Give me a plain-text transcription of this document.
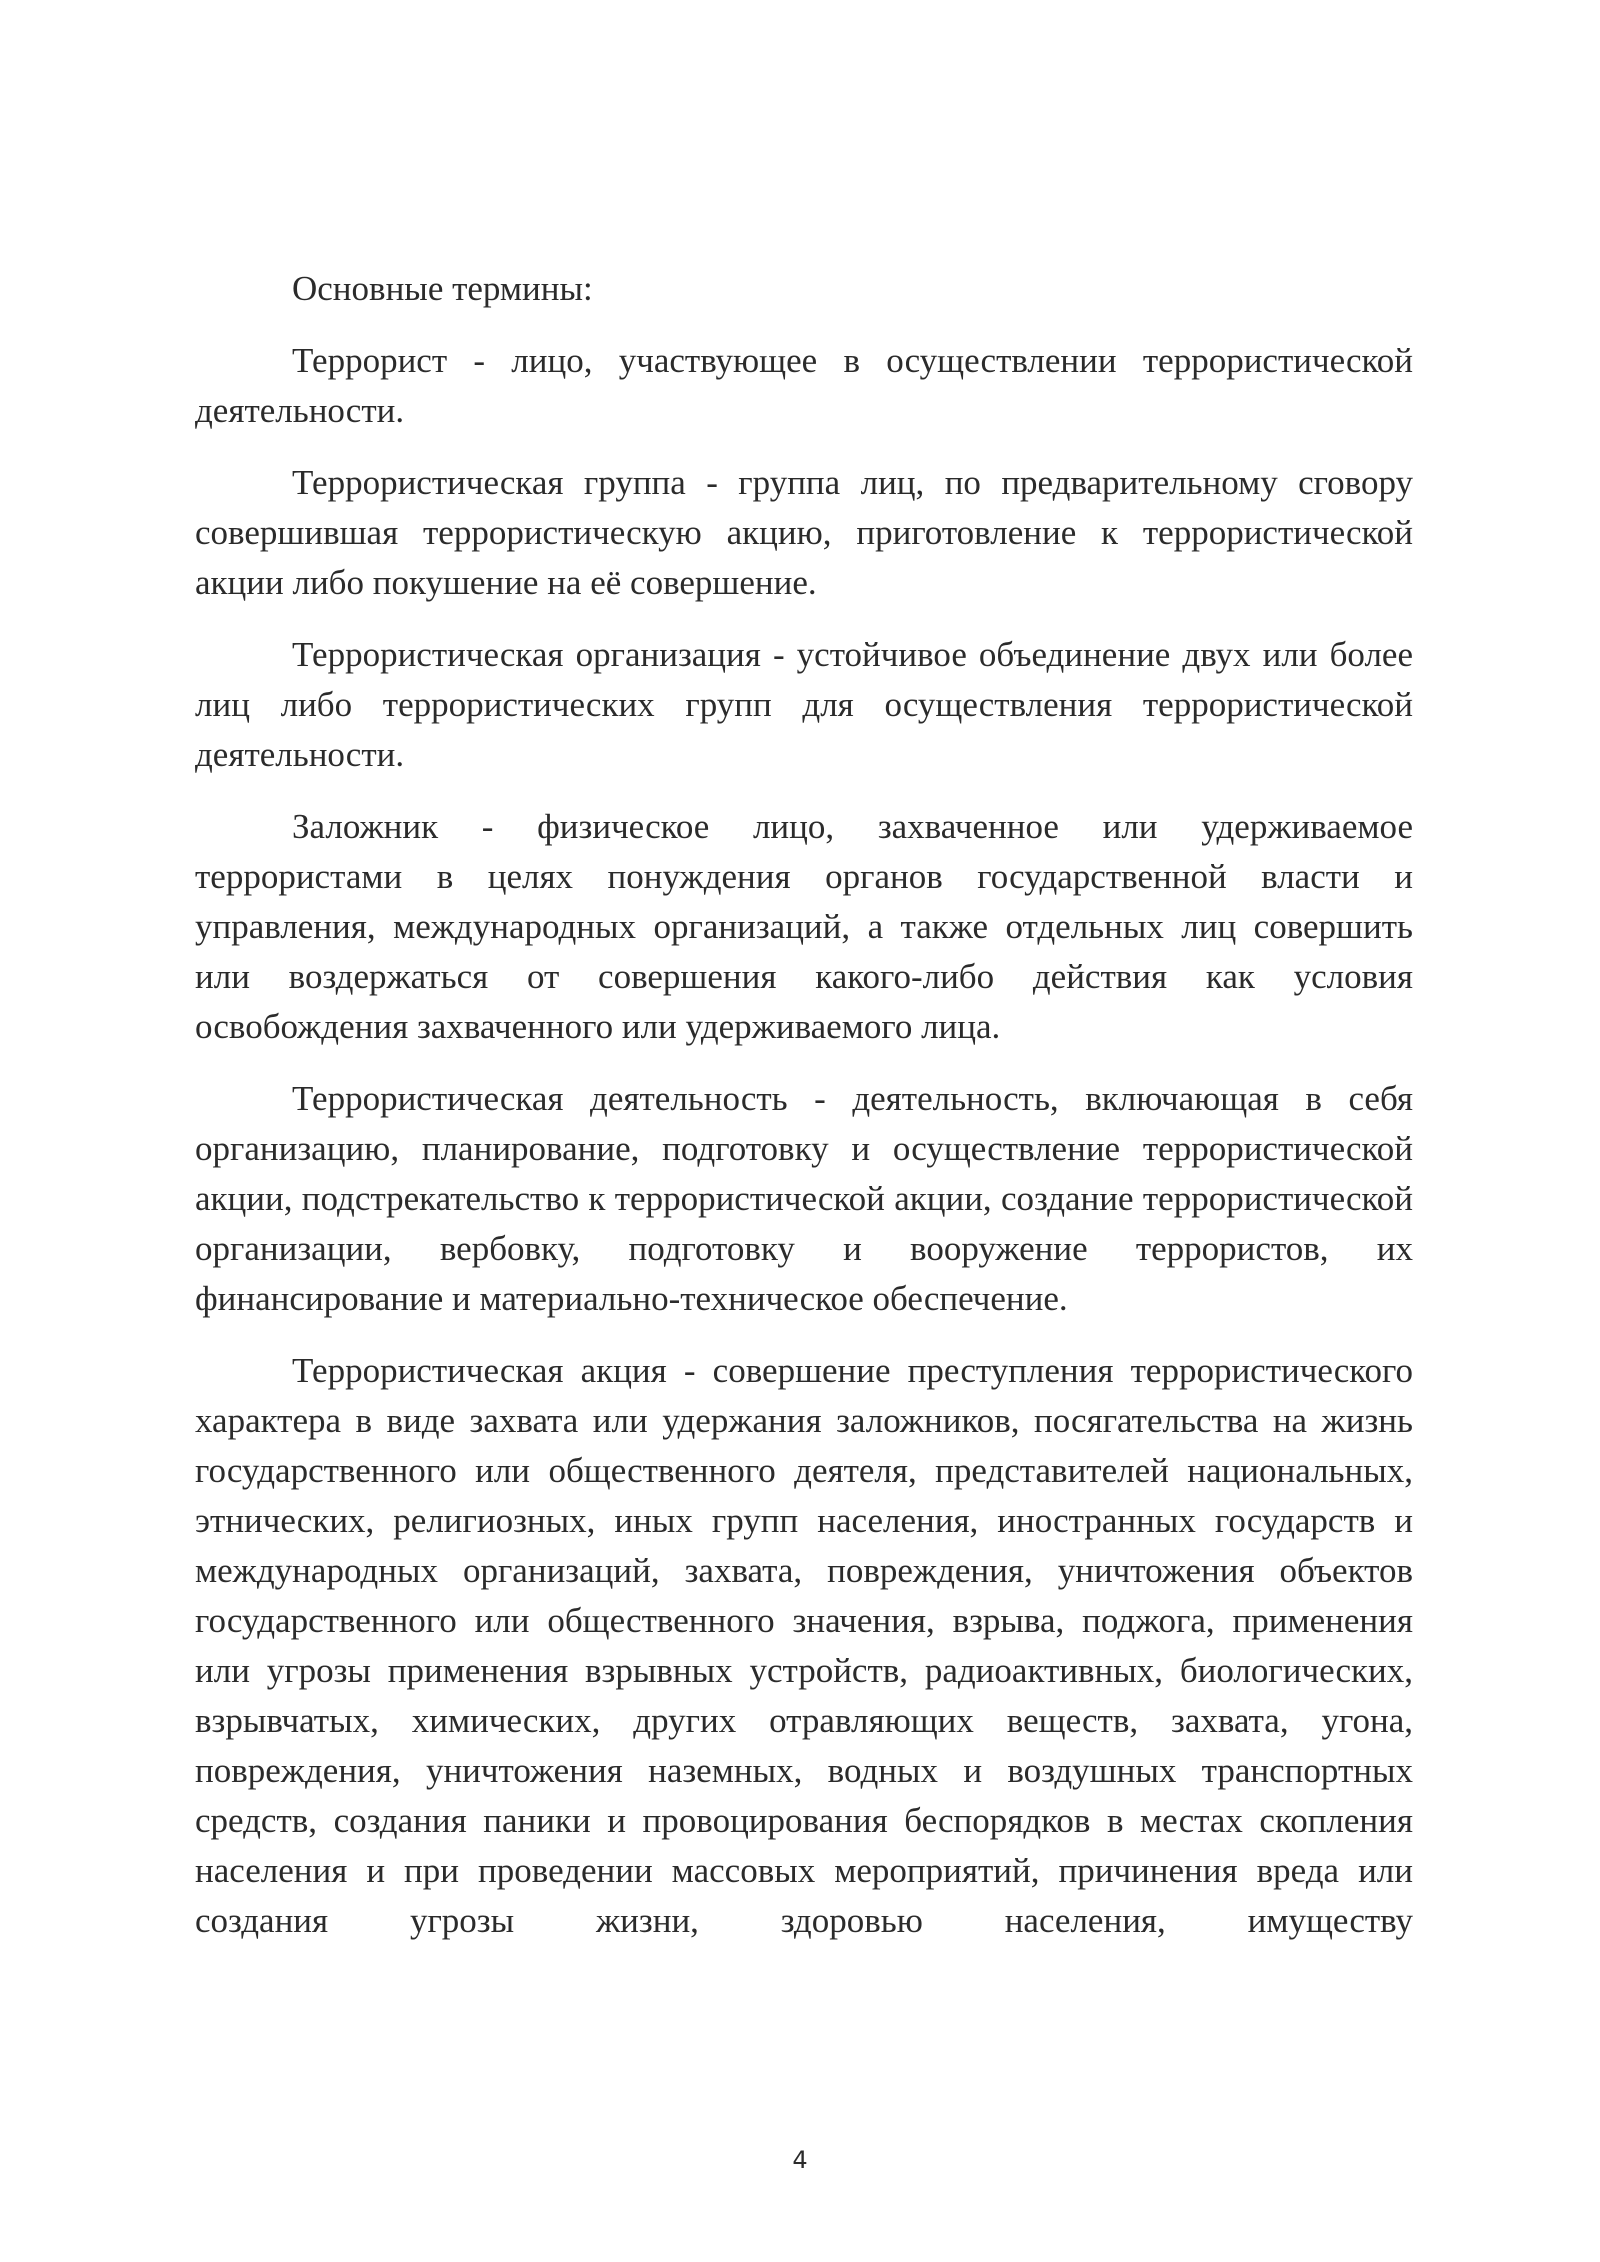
Основные термины:

Террорист - лицо, участвующее в осуществлении террористической деятельности.

Террористическая группа - группа лиц, по предварительному сговору совершившая террористическую акцию, приготовление к террористической акции либо покушение на её совершение.

Террористическая организация - устойчивое объединение двух или более лиц либо террористических групп для осуществления террористической деятельности.

Заложник - физическое лицо, захваченное или удерживаемое террористами в целях понуждения органов государственной власти и управления, международных организаций, а также отдельных лиц совершить или воздержаться от совершения какого-либо действия как условия освобождения захваченного или удерживаемого лица.

Террористическая деятельность - деятельность, включающая в себя организацию, планирование, подготовку и осуществление террористической акции, подстрекательство к террористической акции, создание террористической организации, вербовку, подготовку и вооружение террористов, их финансирование и материально-техническое обеспечение.

Террористическая акция - совершение преступления террористического характера в виде захвата или удержания заложников, посягательства на жизнь государственного или общественного деятеля, представителей национальных, этнических, религиозных, иных групп населения, иностранных государств и международных организаций, захвата, повреждения, уничтожения объектов государственного или общественного значения, взрыва, поджога, применения или угрозы применения взрывных устройств, радиоактивных, биологических, взрывчатых, химических, других отравляющих веществ, захвата, угона, повреждения, уничтожения наземных, водных и воздушных транспортных средств, создания паники и провоцирования беспорядков в местах скопления населения и при проведении массовых мероприятий, причинения вреда или создания угрозы жизни, здоровью населения, имуществу

4
